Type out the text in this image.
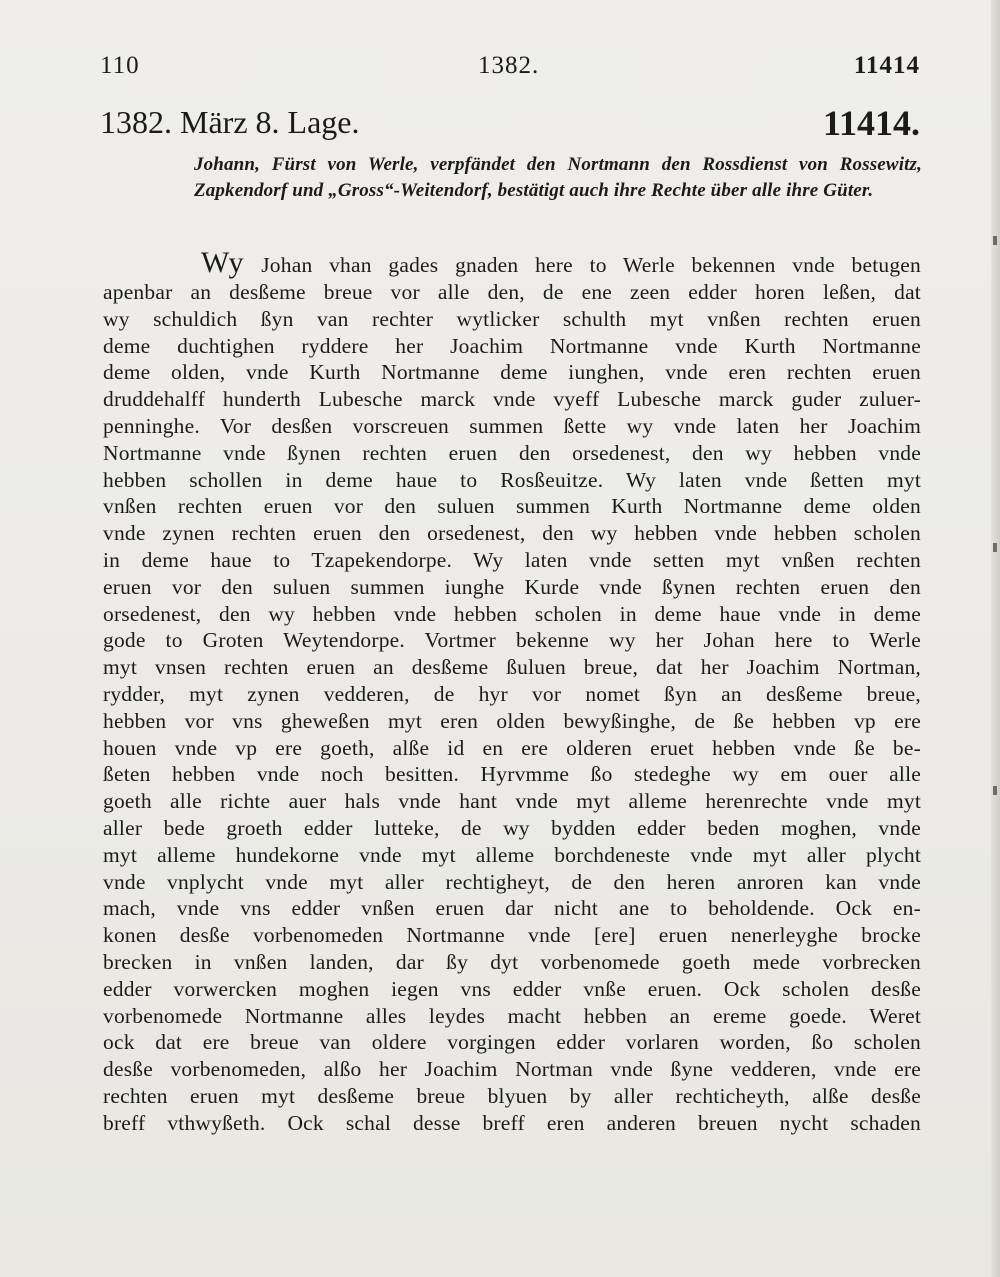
110	1382.	11414
1382. März 8. Lage.	11414.
Johann, Fürst von Werle, verpfändet den Nortmann den Rossdienst von Rossewitz, Zapkendorf und „Gross“-Weitendorf, bestätigt auch ihre Rechte über alle ihre Güter.
Wy Johan vhan gades gnaden here to Werle bekennen vnde betugen
apenbar an desßeme breue vor alle den, de ene zeen edder horen leßen, dat
wy schuldich ßyn van rechter wytlicker schulth myt vnßen rechten eruen
deme duchtighen ryddere her Joachim Nortmanne vnde Kurth Nortmanne
deme olden, vnde Kurth Nortmanne deme iunghen, vnde eren rechten eruen
druddehalff hunderth Lubesche marck vnde vyeff Lubesche marck guder zuluer-
penninghe. Vor desßen vorscreuen summen ßette wy vnde laten her Joachim
Nortmanne vnde ßynen rechten eruen den orsedenest, den wy hebben vnde
hebben schollen in deme haue to Rosßeuitze. Wy laten vnde ßetten myt
vnßen rechten eruen vor den suluen summen Kurth Nortmanne deme olden
vnde zynen rechten eruen den orsedenest, den wy hebben vnde hebben scholen
in deme haue to Tzapekendorpe. Wy laten vnde setten myt vnßen rechten
eruen vor den suluen summen iunghe Kurde vnde ßynen rechten eruen den
orsedenest, den wy hebben vnde hebben scholen in deme haue vnde in deme
gode to Groten Weytendorpe. Vortmer bekenne wy her Johan here to Werle
myt vnsen rechten eruen an desßeme ßuluen breue, dat her Joachim Nortman,
rydder, myt zynen vedderen, de hyr vor nomet ßyn an desßeme breue,
hebben vor vns gheweßen myt eren olden bewyßinghe, de ße hebben vp ere
houen vnde vp ere goeth, alße id en ere olderen eruet hebben vnde ße be-
ßeten hebben vnde noch besitten. Hyrvmme ßo stedeghe wy em ouer alle
goeth alle richte auer hals vnde hant vnde myt alleme herenrechte vnde myt
aller bede groeth edder lutteke, de wy bydden edder beden moghen, vnde
myt alleme hundekorne vnde myt alleme borchdeneste vnde myt aller plycht
vnde vnplycht vnde myt aller rechtigheyt, de den heren anroren kan vnde
mach, vnde vns edder vnßen eruen dar nicht ane to beholdende. Ock en-
konen desße vorbenomeden Nortmanne vnde [ere] eruen nenerleyghe brocke
brecken in vnßen landen, dar ßy dyt vorbenomede goeth mede vorbrecken
edder vorwercken moghen iegen vns edder vnße eruen. Ock scholen desße
vorbenomede Nortmanne alles leydes macht hebben an ereme goede. Weret
ock dat ere breue van oldere vorgingen edder vorlaren worden, ßo scholen
desße vorbenomeden, alßo her Joachim Nortman vnde ßyne vedderen, vnde ere
rechten eruen myt desßeme breue blyuen by aller rechticheyth, alße desße
breff vthwyßeth. Ock schal desse breff eren anderen breuen nycht schaden
